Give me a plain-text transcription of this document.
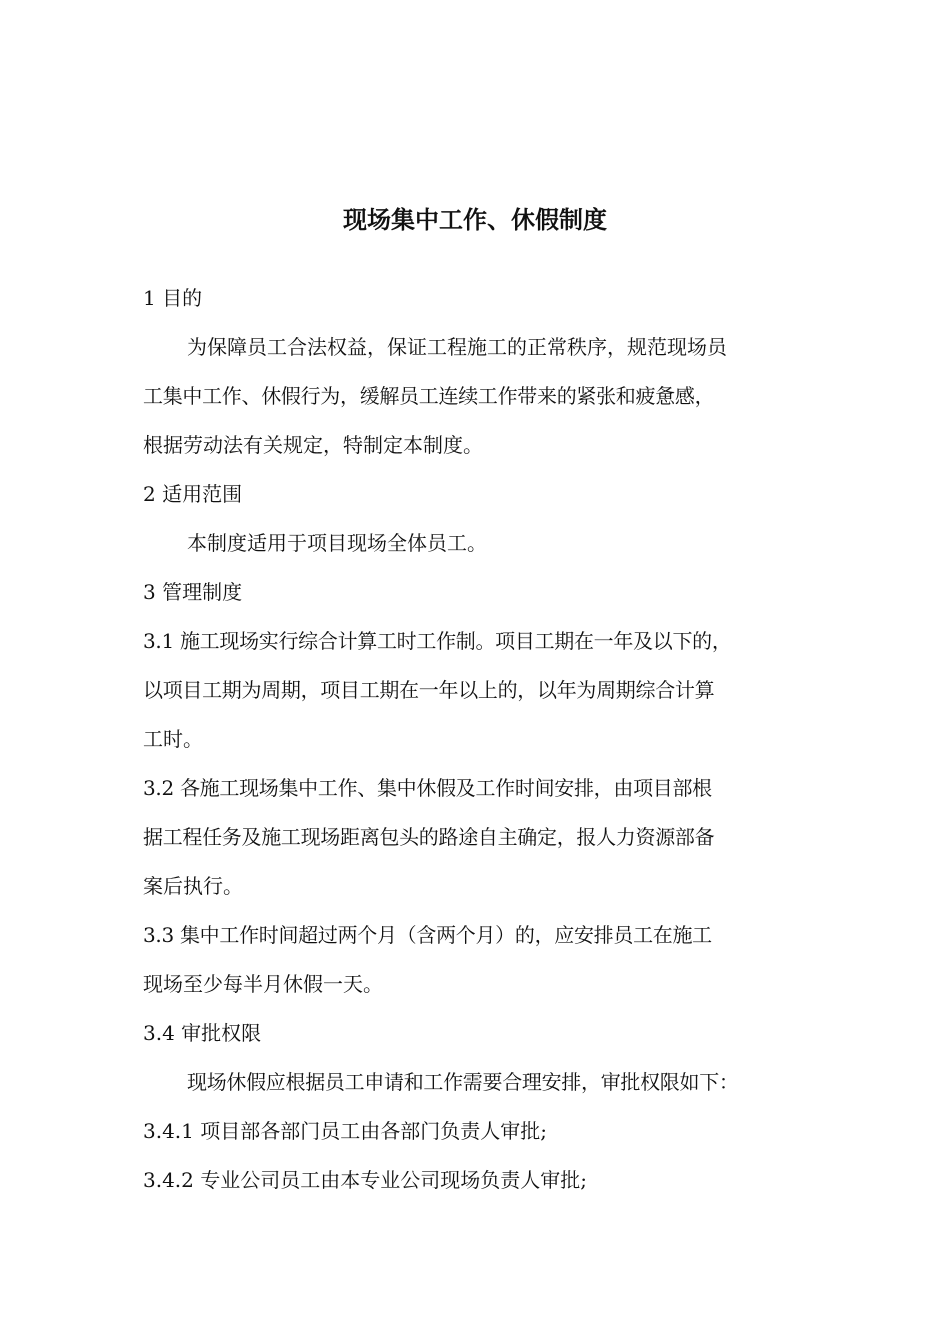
现场集中工作、休假制度
1 目的
为保障员工合法权益，保证工程施工的正常秩序，规范现场员
工集中工作、休假行为，缓解员工连续工作带来的紧张和疲惫感，
根据劳动法有关规定，特制定本制度。
2 适用范围
本制度适用于项目现场全体员工。
3 管理制度
3.1 施工现场实行综合计算工时工作制。项目工期在一年及以下的，
以项目工期为周期，项目工期在一年以上的，以年为周期综合计算
工时。
3.2 各施工现场集中工作、集中休假及工作时间安排，由项目部根
据工程任务及施工现场距离包头的路途自主确定，报人力资源部备
案后执行。
3.3 集中工作时间超过两个月（含两个月）的，应安排员工在施工
现场至少每半月休假一天。
3.4 审批权限
现场休假应根据员工申请和工作需要合理安排，审批权限如下：
3.4.1 项目部各部门员工由各部门负责人审批;
3.4.2 专业公司员工由本专业公司现场负责人审批;
